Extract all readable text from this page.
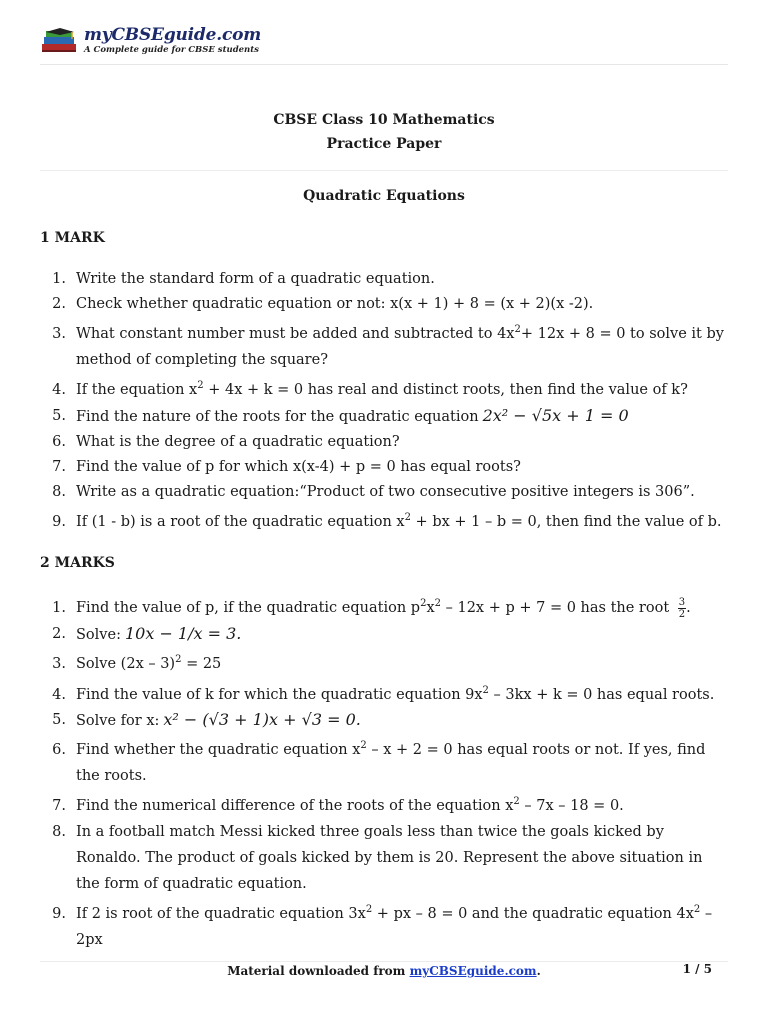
myCBSEguide.com
A Complete guide for CBSE students
CBSE Class 10 Mathematics
Practice Paper
Quadratic Equations
1 MARK
1. Write the standard form of a quadratic equation.
2. Check whether quadratic equation or not: x(x + 1) + 8 = (x + 2)(x -2).
3. What constant number must be added and subtracted to $4x^2+ 12x + 8 = 0$ to solve it by method of completing the square?
4. If the equation $x^2 + 4x + k = 0$ has real and distinct roots, then find the value of k?
5. Find the nature of the roots for the quadratic equation 2x² − √5x + 1 = 0
6. What is the degree of a quadratic equation?
7. Find the value of p for which x(x-4) + p = 0 has equal roots?
8. Write as a quadratic equation:“Product of two consecutive positive integers is 306”.
9. If (1 - b) is a root of the quadratic equation $x^2$ + bx + 1 – b = 0, then find the value of b.
2 MARKS
1. Find the value of p, if the quadratic equation $p^2x^2 - 12x + p + 7 = 0$ has the root $\frac{3}{2}$ .
2. Solve: 10x − 1/x = 3.
3. Solve (2x – 3)$^2$ = 25
4. Find the value of k for which the quadratic equation $9x^2 - 3kx + k = 0$ has equal roots.
5. Solve for x: x² − (√3 + 1)x + √3 = 0.
6. Find whether the quadratic equation $x^2 - x + 2 = 0$ has equal roots or not. If yes, find the roots.
7. Find the numerical difference of the roots of the equation $x^2 - 7x - 18 = 0$.
8. In a football match Messi kicked three goals less than twice the goals kicked by Ronaldo. The product of goals kicked by them is 20. Represent the above situation in the form of quadratic equation.
9. If 2 is root of the quadratic equation $3x^2$ + px – 8 = 0 and the quadratic equation $4x^2 - 2px$
Material downloaded from myCBSEguide.com.	1 / 5
